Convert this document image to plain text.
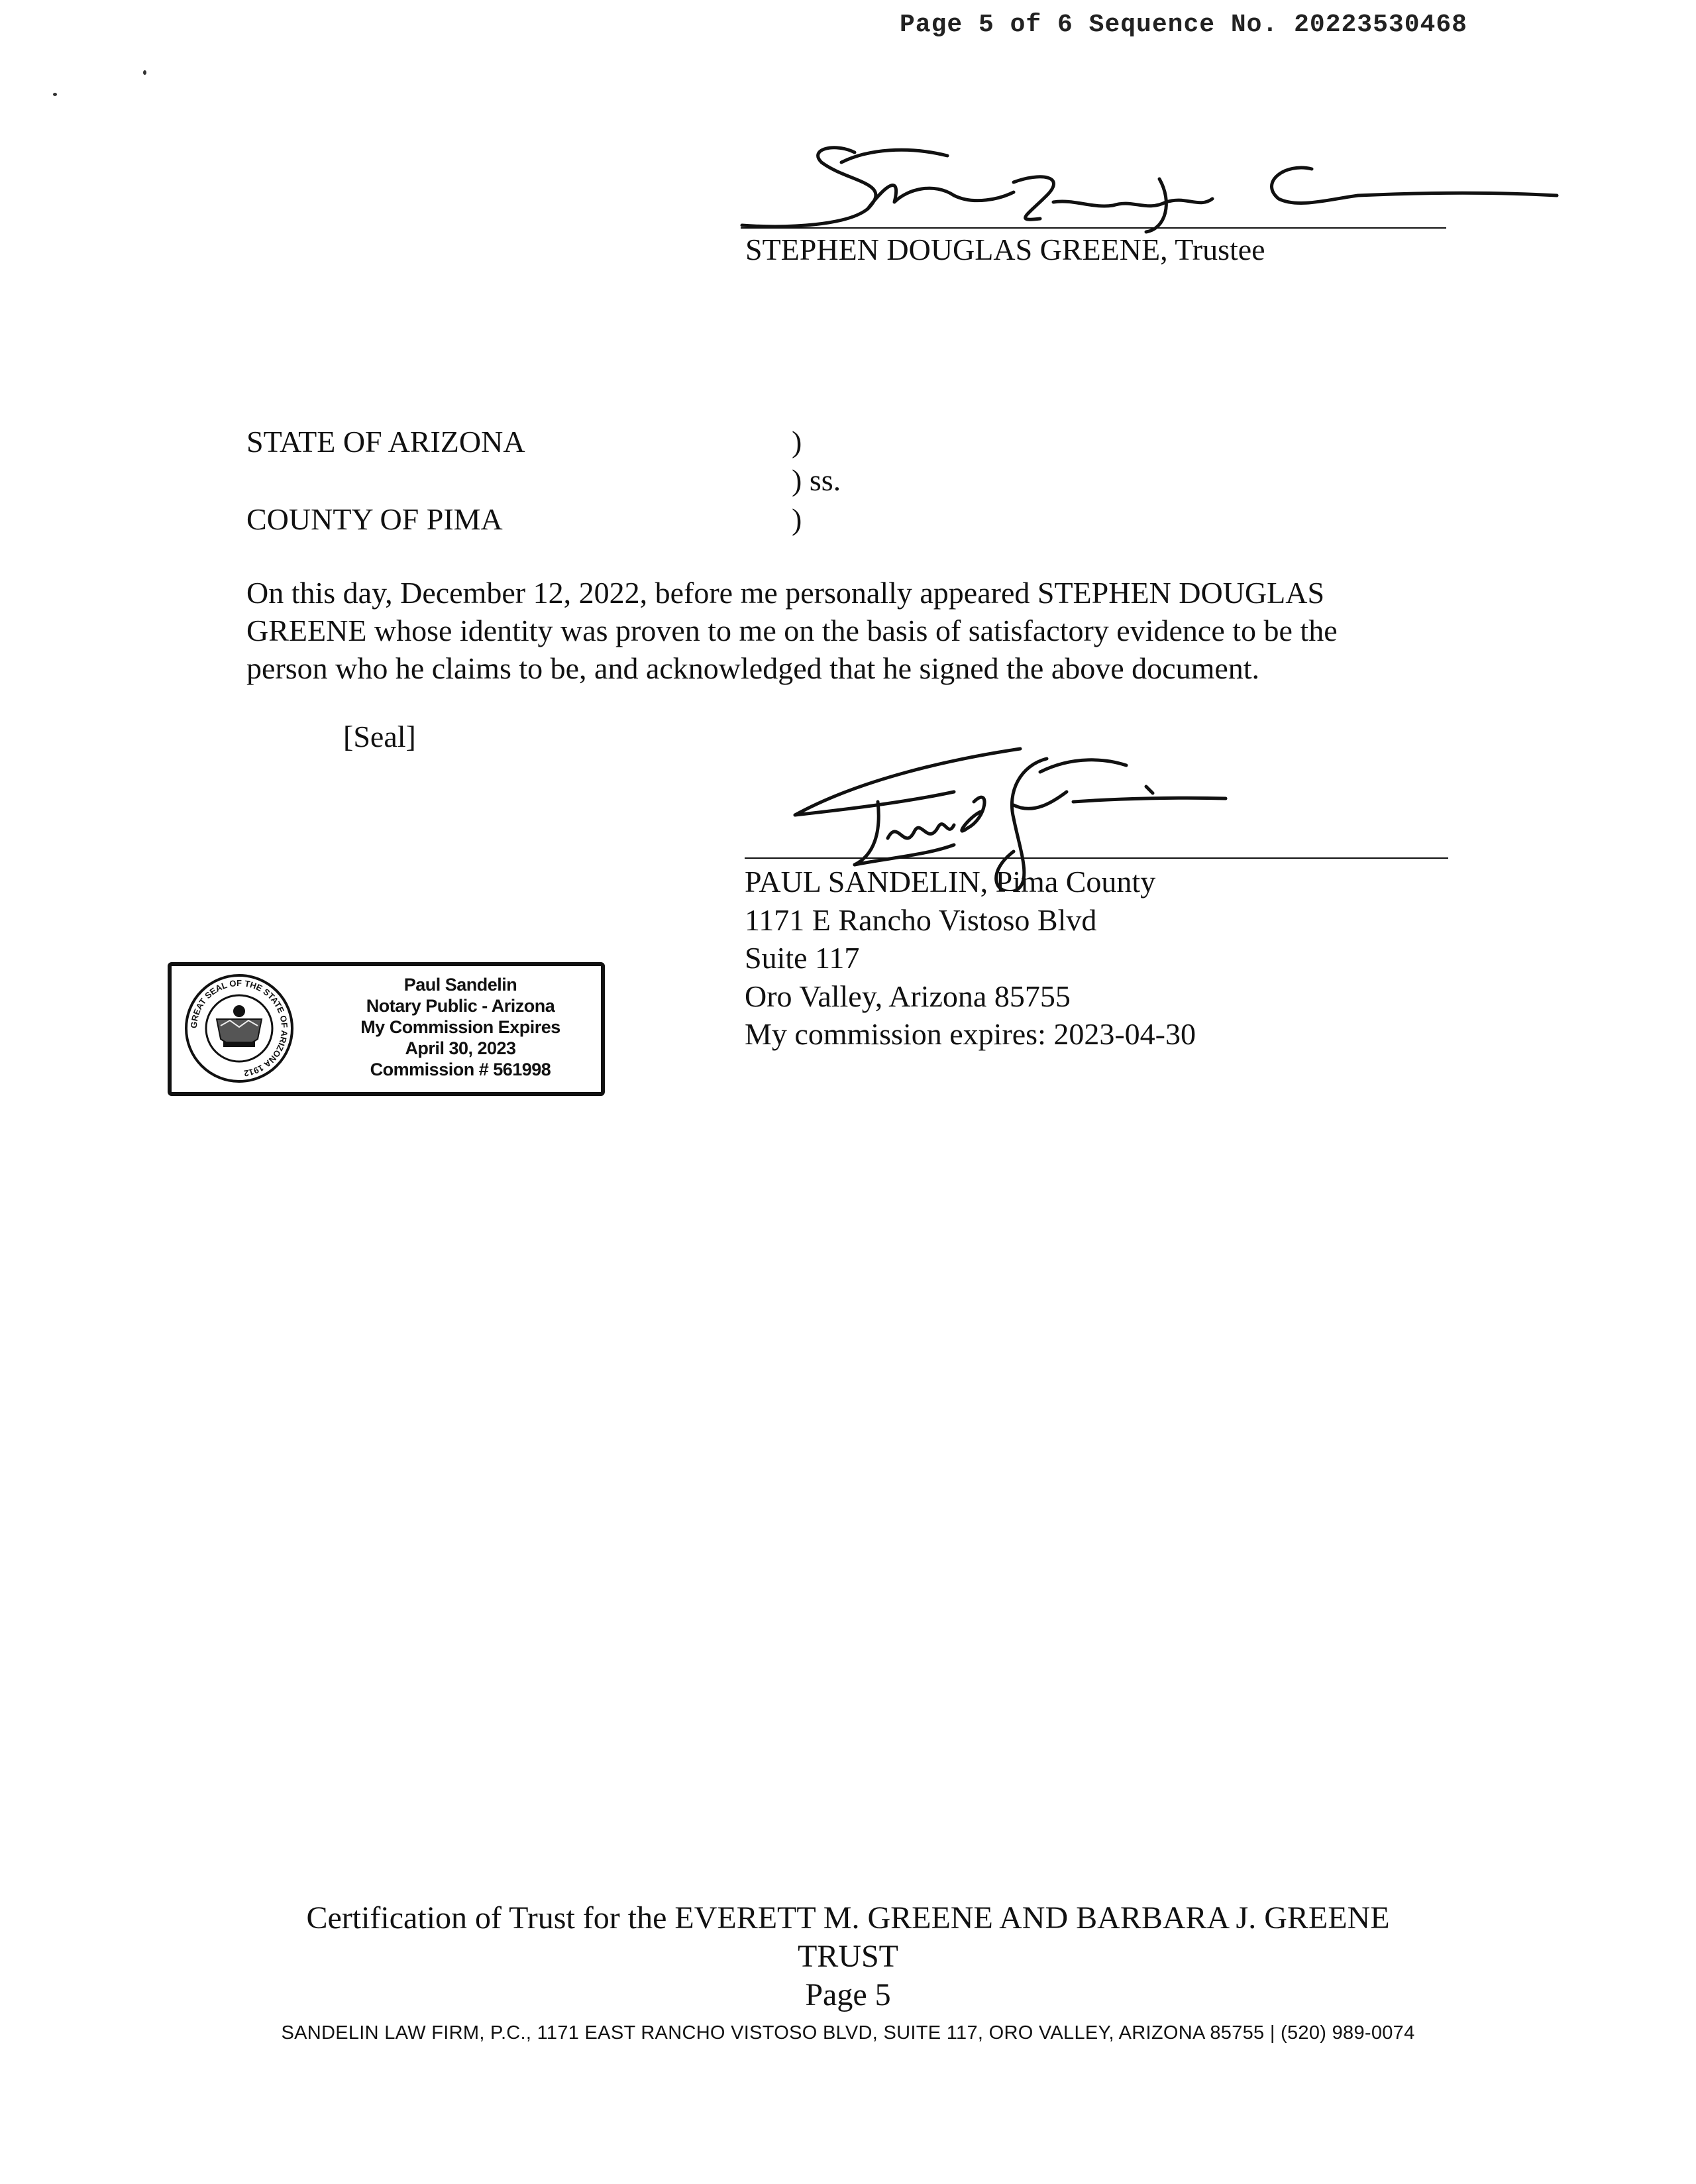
Page 5 of 6 Sequence No. 20223530468
STEPHEN DOUGLAS GREENE, Trustee
STATE OF ARIZONA
COUNTY OF PIMA
)
) ss.
)

On this day, December 12, 2022, before me personally appeared STEPHEN DOUGLAS

GREENE whose identity was proven to me on the basis of satisfactory evidence to be the

person who he claims to be, and acknowledged that he signed the above document.

[Seal]
PAUL SANDELIN, Pima County
1171 E Rancho Vistoso Blvd
Suite 117
Oro Valley, Arizona 85755
My commission expires: 2023-04-30
GREAT SEAL OF THE STATE OF ARIZONA 1912
Paul Sandelin
Notary Public - Arizona
My Commission Expires
April 30, 2023
Commission # 561998
Certification of Trust for the EVERETT M. GREENE AND BARBARA J. GREENE
TRUST
Page 5
SANDELIN LAW FIRM, P.C., 1171 EAST RANCHO VISTOSO BLVD, SUITE 117, ORO VALLEY, ARIZONA 85755 | (520) 989-0074
